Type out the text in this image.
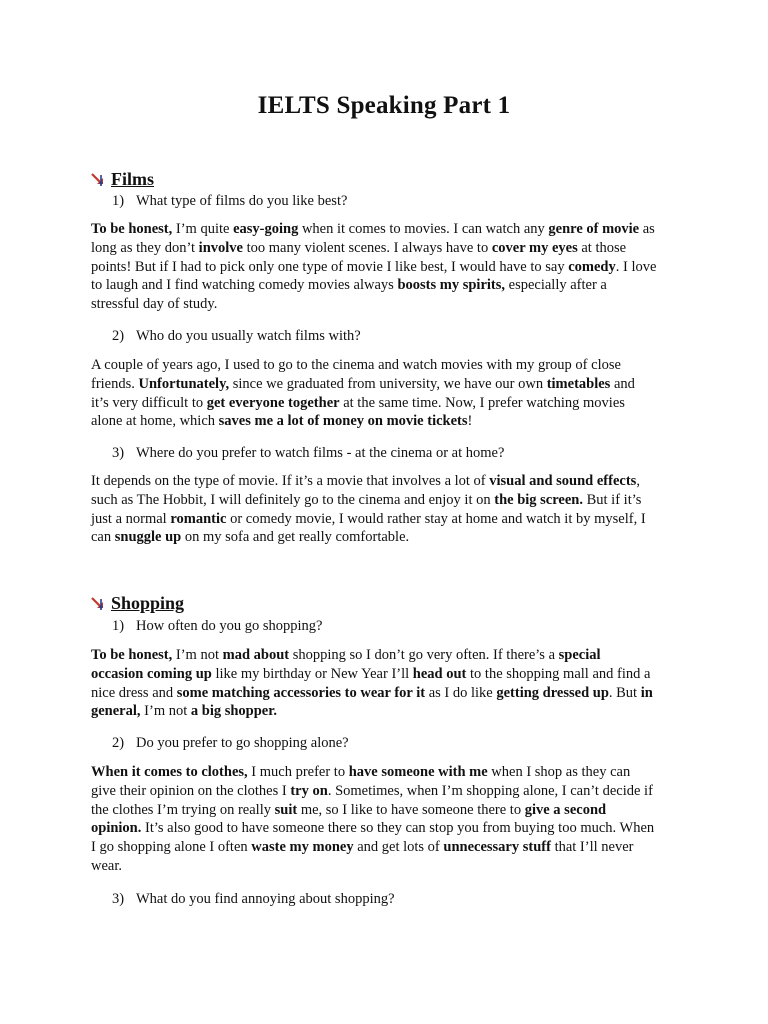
IELTS Speaking Part 1
Films
1) What type of films do you like best?
To be honest, I’m quite easy-going when it comes to movies. I can watch any genre of movie as
long as they don’t involve too many violent scenes. I always have to cover my eyes at those
points! But if I had to pick only one type of movie I like best, I would have to say comedy. I love
to laugh and I find watching comedy movies always boosts my spirits, especially after a
stressful day of study.
2) Who do you usually watch films with?
A couple of years ago, I used to go to the cinema and watch movies with my group of close
friends. Unfortunately, since we graduated from university, we have our own timetables and
it’s very difficult to get everyone together at the same time. Now, I prefer watching movies
alone at home, which saves me a lot of money on movie tickets!
3) Where do you prefer to watch films - at the cinema or at home?
It depends on the type of movie. If it’s a movie that involves a lot of visual and sound effects,
such as The Hobbit, I will definitely go to the cinema and enjoy it on the big screen. But if it’s
just a normal romantic or comedy movie, I would rather stay at home and watch it by myself, I
can snuggle up on my sofa and get really comfortable.
Shopping
1) How often do you go shopping?
To be honest, I’m not mad about shopping so I don’t go very often. If there’s a special
occasion coming up like my birthday or New Year I’ll head out to the shopping mall and find a
nice dress and some matching accessories to wear for it as I do like getting dressed up. But in
general, I’m not a big shopper.
2) Do you prefer to go shopping alone?
When it comes to clothes, I much prefer to have someone with me when I shop as they can
give their opinion on the clothes I try on. Sometimes, when I’m shopping alone, I can’t decide if
the clothes I’m trying on really suit me, so I like to have someone there to give a second
opinion. It’s also good to have someone there so they can stop you from buying too much. When
I go shopping alone I often waste my money and get lots of unnecessary stuff that I’ll never
wear.
3) What do you find annoying about shopping?
